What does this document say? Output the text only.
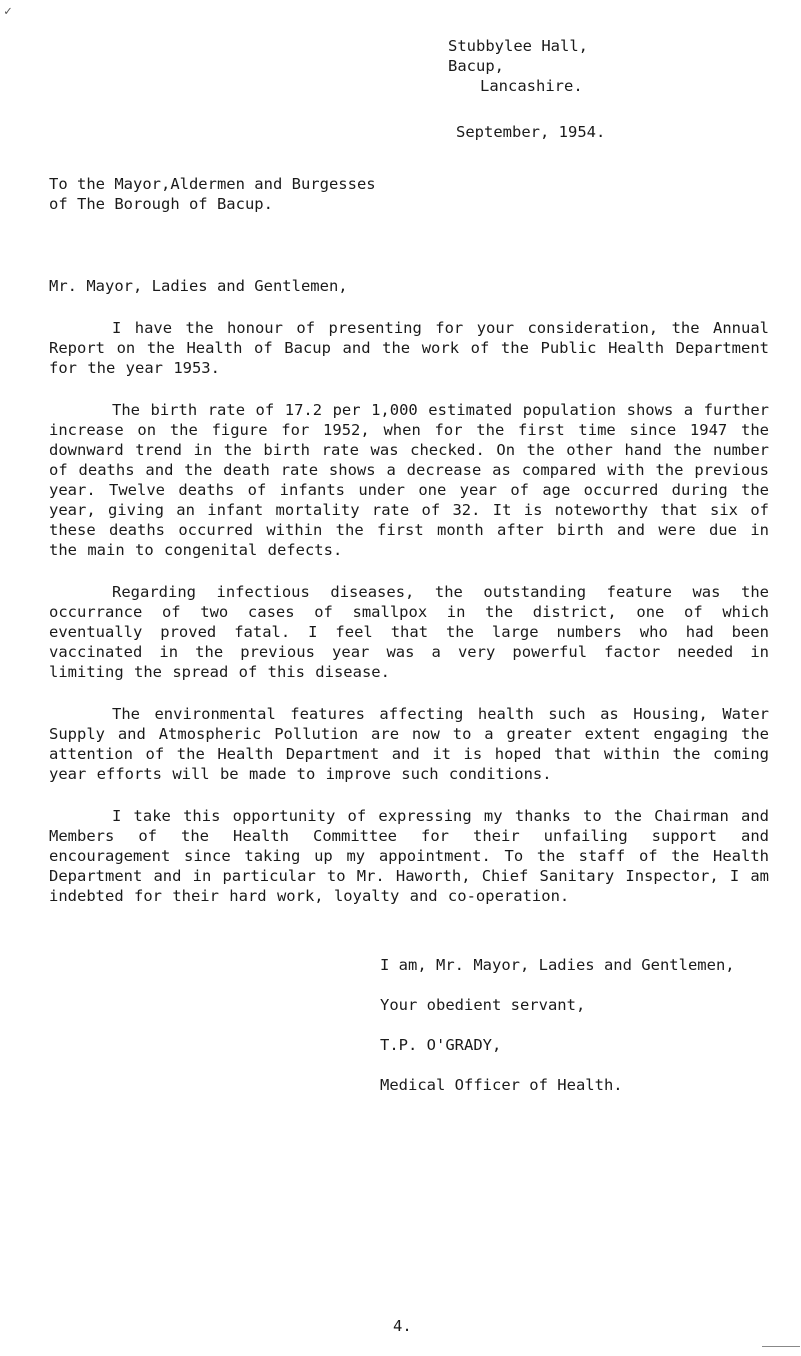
✓
Stubbylee Hall,
Bacup,
Lancashire.
September, 1954.
To the Mayor,Aldermen and Burgesses
of The Borough of Bacup.
Mr. Mayor, Ladies and Gentlemen,

I have the honour of presenting for your consideration, the Annual Report on the Health of Bacup and the work of the Public Health Department for the year 1953.

The birth rate of 17.2 per 1,000 estimated population shows a further increase on the figure for 1952, when for the first time since 1947 the downward trend in the birth rate was checked. On the other hand the number of deaths and the death rate shows a decrease as compared with the previous year. Twelve deaths of infants under one year of age occurred during the year, giving an infant mortality rate of 32. It is noteworthy that six of these deaths occurred within the first month after birth and were due in the main to congenital defects.

Regarding infectious diseases, the outstanding feature was the occurrance of two cases of smallpox in the district, one of which eventually proved fatal. I feel that the large numbers who had been vaccinated in the previous year was a very powerful factor needed in limiting the spread of this disease.

The environmental features affecting health such as Housing, Water Supply and Atmospheric Pollution are now to a greater extent engaging the attention of the Health Department and it is hoped that within the coming year efforts will be made to improve such conditions.

I take this opportunity of expressing my thanks to the Chairman and Members of the Health Committee for their unfailing support and encouragement since taking up my appointment. To the staff of the Health Department and in particular to Mr. Haworth, Chief Sanitary Inspector, I am indebted for their hard work, loyalty and co-operation.

I am, Mr. Mayor, Ladies and Gentlemen,
Your obedient servant,
T.P. O'GRADY,
Medical Officer of Health.
4.
